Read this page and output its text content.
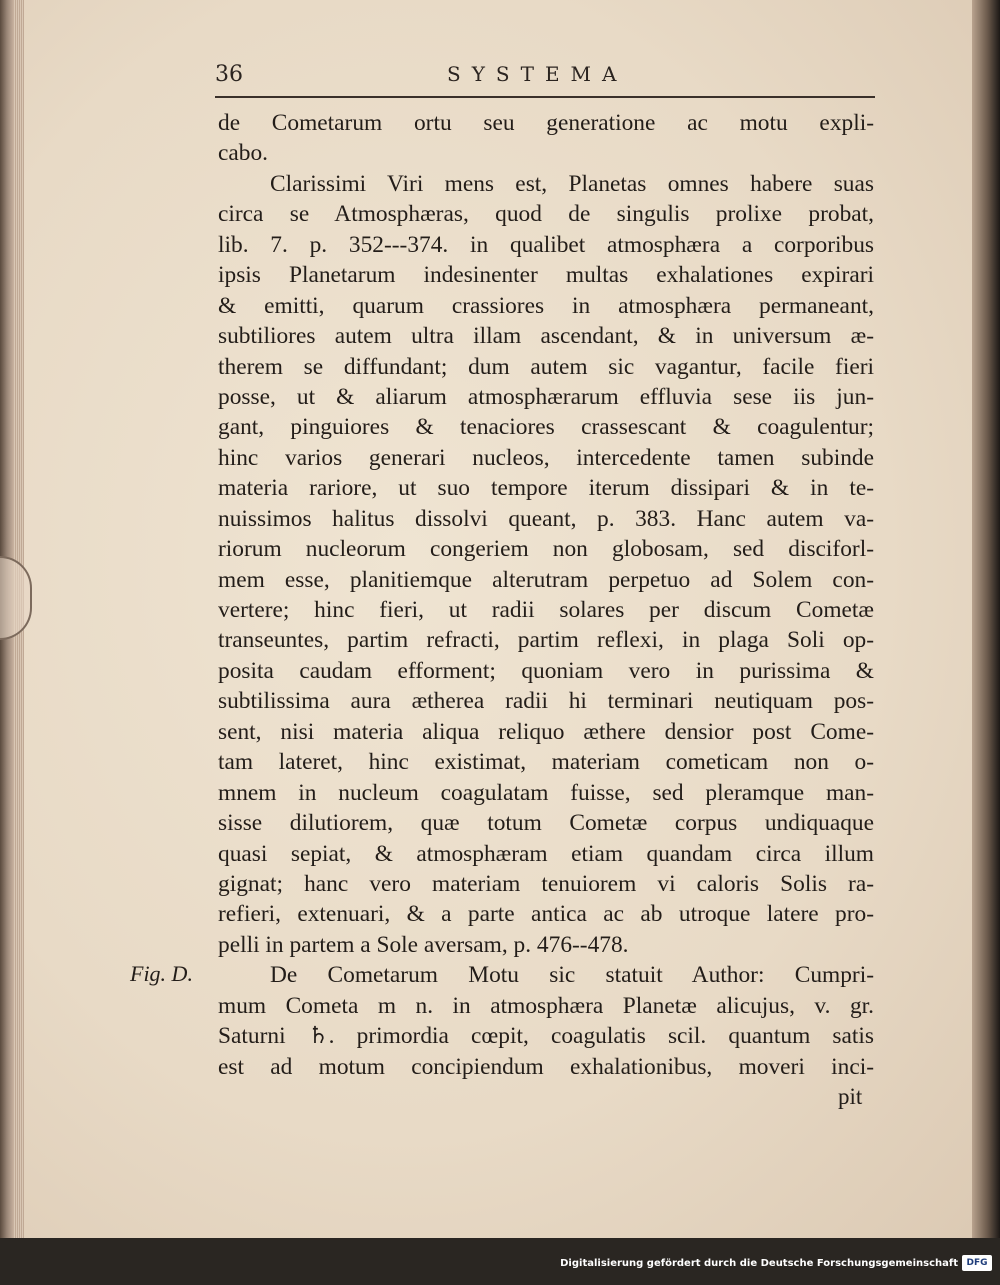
36	SYSTEMA
de Cometarum ortu seu generatione ac motu expli-
cabo.
Clarissimi Viri mens est, Planetas omnes habere suas
circa se Atmosphæras, quod de singulis prolixe probat,
lib. 7. p. 352---374. in qualibet atmosphæra a corporibus
ipsis Planetarum indesinenter multas exhalationes expirari
& emitti, quarum crassiores in atmosphæra permaneant,
subtiliores autem ultra illam ascendant, & in universum æ-
therem se diffundant; dum autem sic vagantur, facile fieri
posse, ut & aliarum atmosphærarum effluvia sese iis jun-
gant, pinguiores & tenaciores crassescant & coagulentur;
hinc varios generari nucleos, intercedente tamen subinde
materia rariore, ut suo tempore iterum dissipari & in te-
nuissimos halitus dissolvi queant, p. 383. Hanc autem va-
riorum nucleorum congeriem non globosam, sed disciforl-
mem esse, planitiemque alterutram perpetuo ad Solem con-
vertere; hinc fieri, ut radii solares per discum Cometæ
transeuntes, partim refracti, partim reflexi, in plaga Soli op-
posita caudam efforment; quoniam vero in purissima &
subtilissima aura ætherea radii hi terminari neutiquam pos-
sent, nisi materia aliqua reliquo æthere densior post Come-
tam lateret, hinc existimat, materiam cometicam non o-
mnem in nucleum coagulatam fuisse, sed pleramque man-
sisse dilutiorem, quæ totum Cometæ corpus undiquaque
quasi sepiat, & atmosphæram etiam quandam circa illum
gignat; hanc vero materiam tenuiorem vi caloris Solis ra-
refieri, extenuari, & a parte antica ac ab utroque latere pro-
pelli in partem a Sole aversam, p. 476--478.
De Cometarum Motu sic statuit Author: Cumpri-
mum Cometa m n. in atmosphæra Planetæ alicujus, v. gr.
Saturni ♄. primordia cœpit, coagulatis scil. quantum satis
est ad motum concipiendum exhalationibus, moveri inci-
Fig. D.
pit
Digitalisierung gefördert durch die Deutsche Forschungsgemeinschaft DFG
